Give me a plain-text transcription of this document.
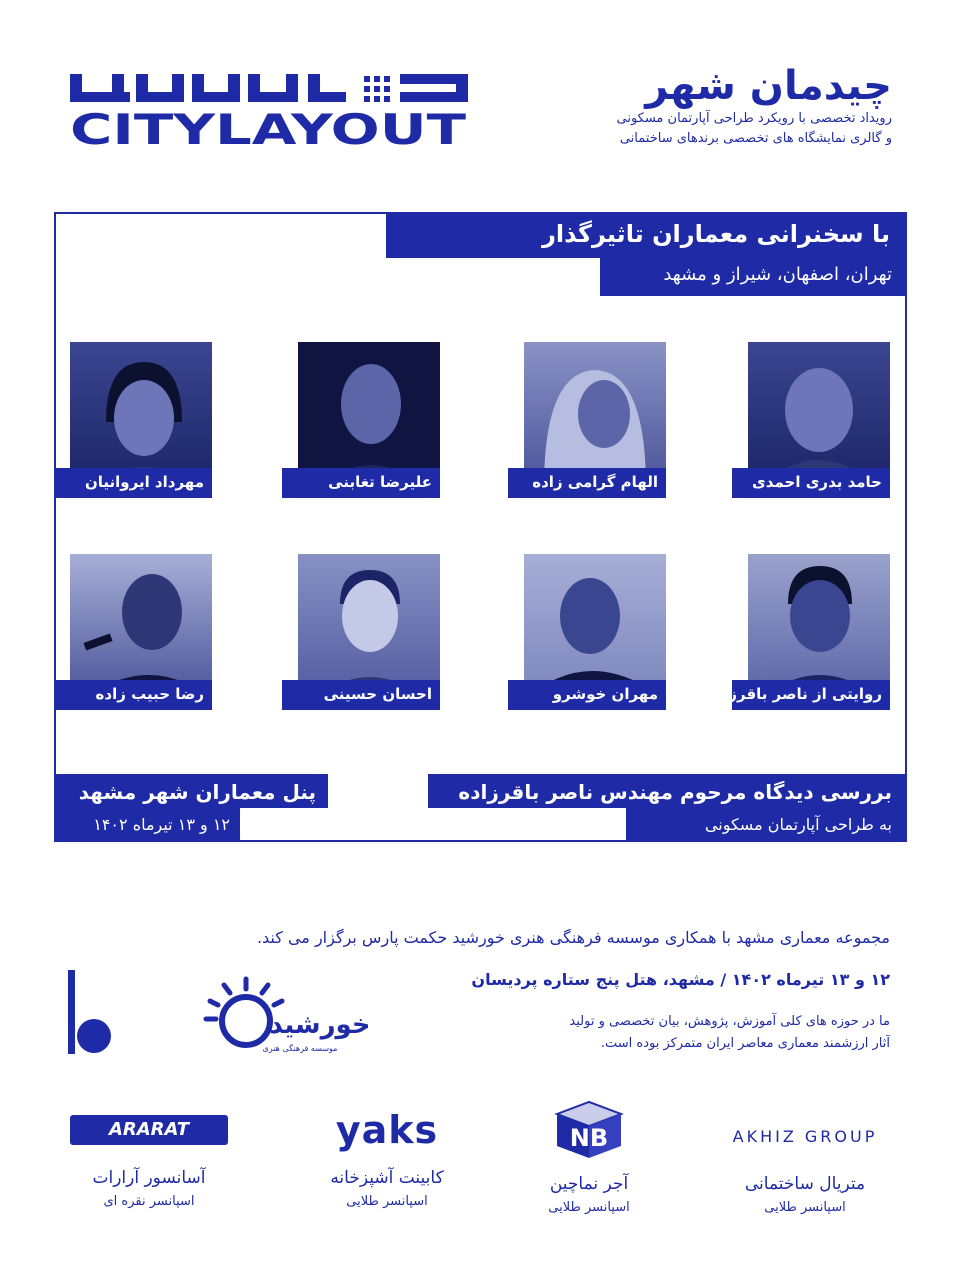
CITYLAYOUT
چیدمان شهر
رویداد تخصصی با رویکرد طراحی آپارتمان مسکونی
و گالری نمایشگاه های تخصصی برندهای ساختمانی
با سخنرانی معماران تاثیرگذار
تهران، اصفهان، شیراز و مشهد
حامد بدری احمدی
الهام گرامی زاده
علیرضا تغابنی
مهرداد ایروانیان
روایتی از ناصر باقرزاده
مهران خوشرو
احسان حسینی
رضا حبیب زاده
بررسی دیدگاه مرحوم مهندس ناصر باقرزاده
به طراحی آپارتمان مسکونی
پنل معماران شهر مشهد
۱۲ و ۱۳ تیرماه ۱۴۰۲
مجموعه معماری مشهد با همکاری موسسه فرهنگی هنری خورشید حکمت پارس برگزار می کند.
۱۲ و ۱۳ تیرماه ۱۴۰۲ / مشهد، هتل پنج ستاره پردیسان
ما در حوزه های کلی آموزش، پژوهش، بیان تخصصی و تولید
آثار ارزشمند معماری معاصر ایران متمرکز بوده است.
خورشید
موسسه فرهنگی هنری
AKHIZ GROUP
متریال ساختمانی
اسپانسر طلایی
NB
آجر نماچین
اسپانسر طلایی
yaks
کابینت آشپزخانه
اسپانسر طلایی
ARARAT
آسانسور آرارات
اسپانسر نقره ای
